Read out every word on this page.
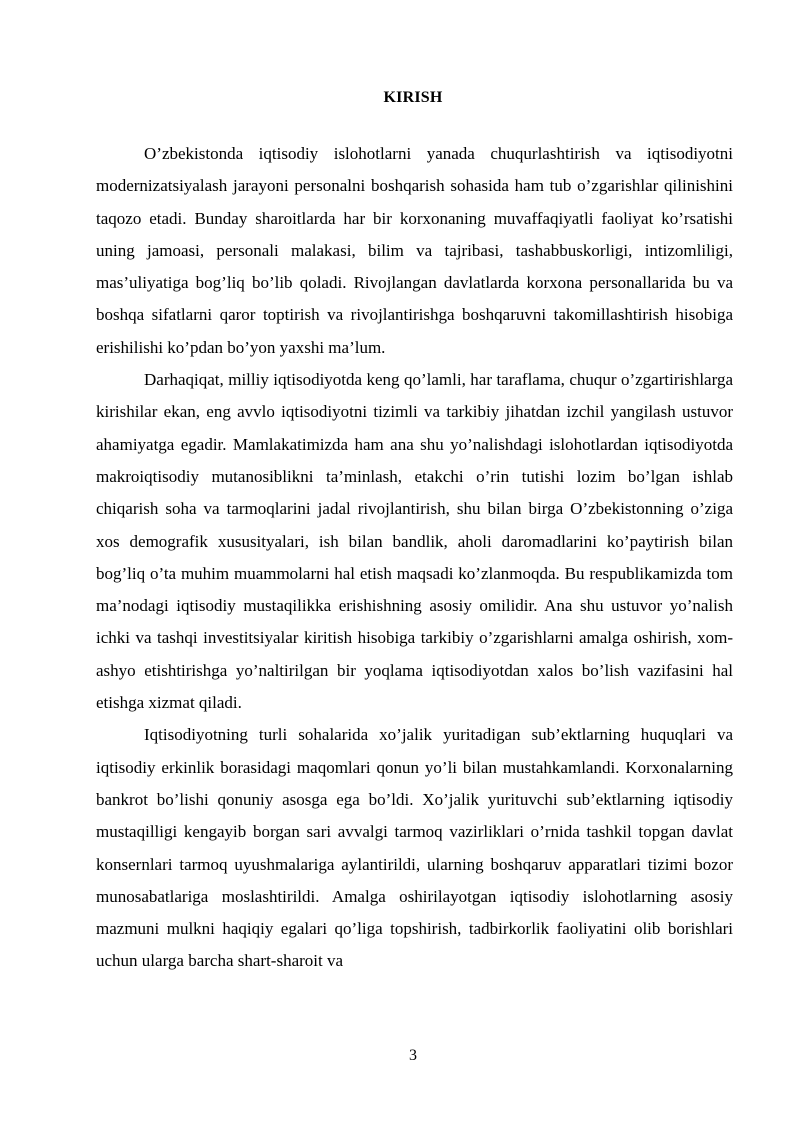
KIRISH

O’zbekistonda iqtisodiy islohotlarni yanada chuqurlashtirish va iqtisodiyotni modernizatsiyalash jarayoni personalni boshqarish sohasida ham tub o’zgarishlar qilinishini taqozo etadi. Bunday sharoitlarda har bir korxonaning muvaffaqiyatli faoliyat ko’rsatishi uning jamoasi, personali malakasi, bilim va tajribasi, tashabbuskorligi, intizomliligi, mas’uliyatiga bog’liq bo’lib qoladi. Rivojlangan davlatlarda korxona personallarida bu va boshqa sifatlarni qaror toptirish va rivojlantirishga boshqaruvni takomillashtirish hisobiga erishilishi ko’pdan bo’yon yaxshi ma’lum.

Darhaqiqat, milliy iqtisodiyotda keng qo’lamli, har taraflama, chuqur o’zgartirishlarga kirishilar ekan, eng avvlo iqtisodiyotni tizimli va tarkibiy jihatdan izchil yangilash ustuvor ahamiyatga egadir. Mamlakatimizda ham ana shu yo’nalishdagi islohotlardan iqtisodiyotda makroiqtisodiy mutanosiblikni ta’minlash, etakchi o’rin tutishi lozim bo’lgan ishlab chiqarish soha va tarmoqlarini jadal rivojlantirish, shu bilan birga O’zbekistonning o’ziga xos demografik xususityalari, ish bilan bandlik, aholi daromadlarini ko’paytirish bilan bog’liq o’ta muhim muammolarni hal etish maqsadi ko’zlanmoqda. Bu respublikamizda tom ma’nodagi iqtisodiy mustaqilikka erishishning asosiy omilidir. Ana shu ustuvor yo’nalish ichki va tashqi investitsiyalar kiritish hisobiga tarkibiy o’zgarishlarni amalga oshirish, xom-ashyo etishtirishga yo’naltirilgan bir yoqlama iqtisodiyotdan xalos bo’lish vazifasini hal etishga xizmat qiladi.

Iqtisodiyotning turli sohalarida xo’jalik yuritadigan sub’ektlarning huquqlari va iqtisodiy erkinlik borasidagi maqomlari qonun yo’li bilan mustahkamlandi. Korxonalarning bankrot bo’lishi qonuniy asosga ega bo’ldi. Xo’jalik yurituvchi sub’ektlarning iqtisodiy mustaqilligi kengayib borgan sari avvalgi tarmoq vazirliklari o’rnida tashkil topgan davlat konsernlari tarmoq uyushmalariga aylantirildi, ularning boshqaruv apparatlari tizimi bozor munosabatlariga moslashtirildi. Amalga oshirilayotgan iqtisodiy islohotlarning asosiy mazmuni mulkni haqiqiy egalari qo’liga topshirish, tadbirkorlik faoliyatini olib borishlari uchun ularga barcha shart-sharoit va

3
